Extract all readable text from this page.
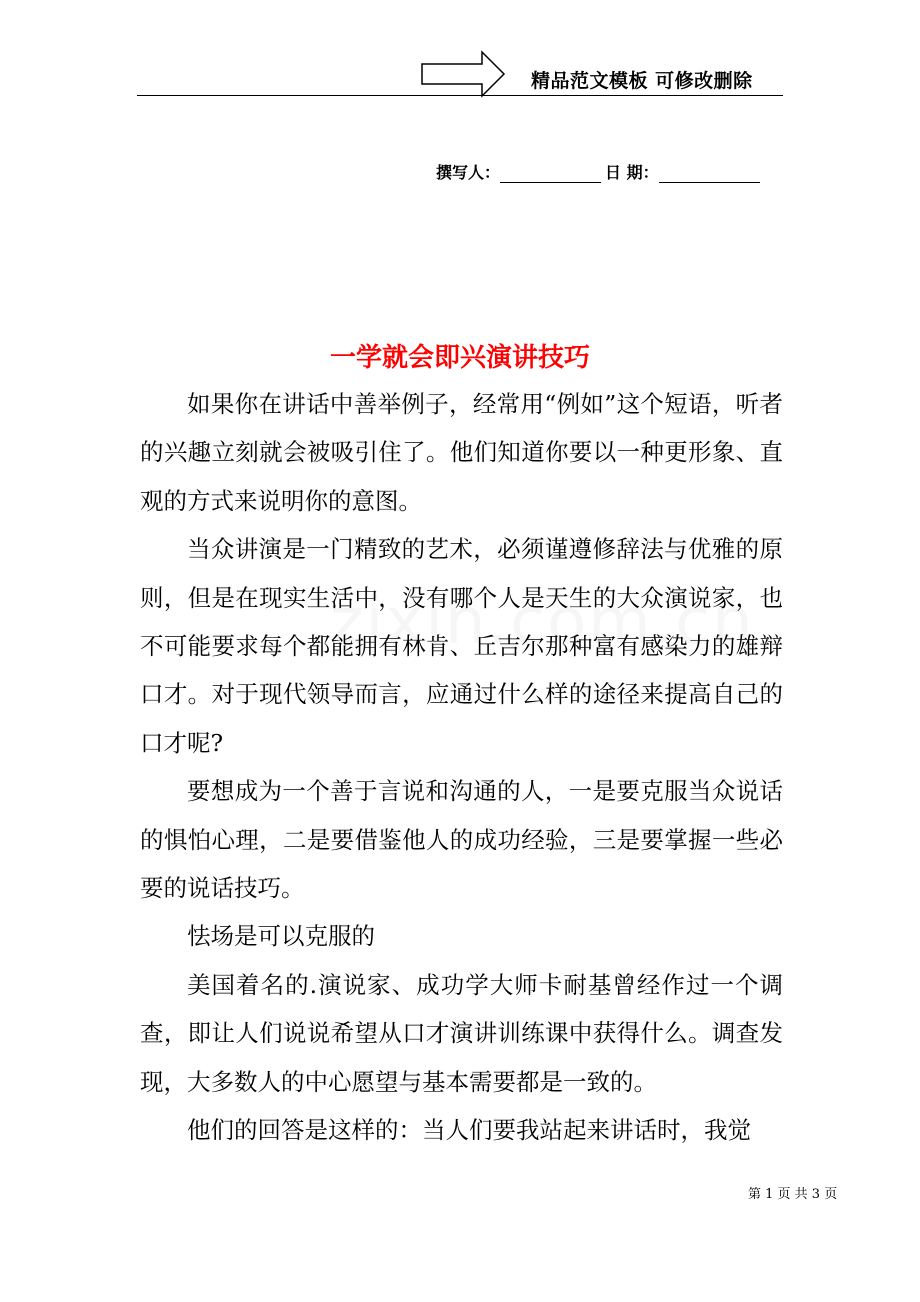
精品范文模板 可修改删除
撰写人：	日 期：
一学就会即兴演讲技巧

如果你在讲话中善举例子，经常用“例如”这个短语，听者的兴趣立刻就会被吸引住了。他们知道你要以一种更形象、直观的方式来说明你的意图。

当众讲演是一门精致的艺术，必须谨遵修辞法与优雅的原则，但是在现实生活中，没有哪个人是天生的大众演说家，也不可能要求每个都能拥有林肯、丘吉尔那种富有感染力的雄辩口才。对于现代领导而言，应通过什么样的途径来提高自己的口才呢?

要想成为一个善于言说和沟通的人，一是要克服当众说话的惧怕心理，二是要借鉴他人的成功经验，三是要掌握一些必要的说话技巧。

怯场是可以克服的

美国着名的.演说家、成功学大师卡耐基曾经作过一个调查，即让人们说说希望从口才演讲训练课中获得什么。调查发现，大多数人的中心愿望与基本需要都是一致的。

他们的回答是这样的：当人们要我站起来讲话时，我觉

第 1 页 共 3 页
